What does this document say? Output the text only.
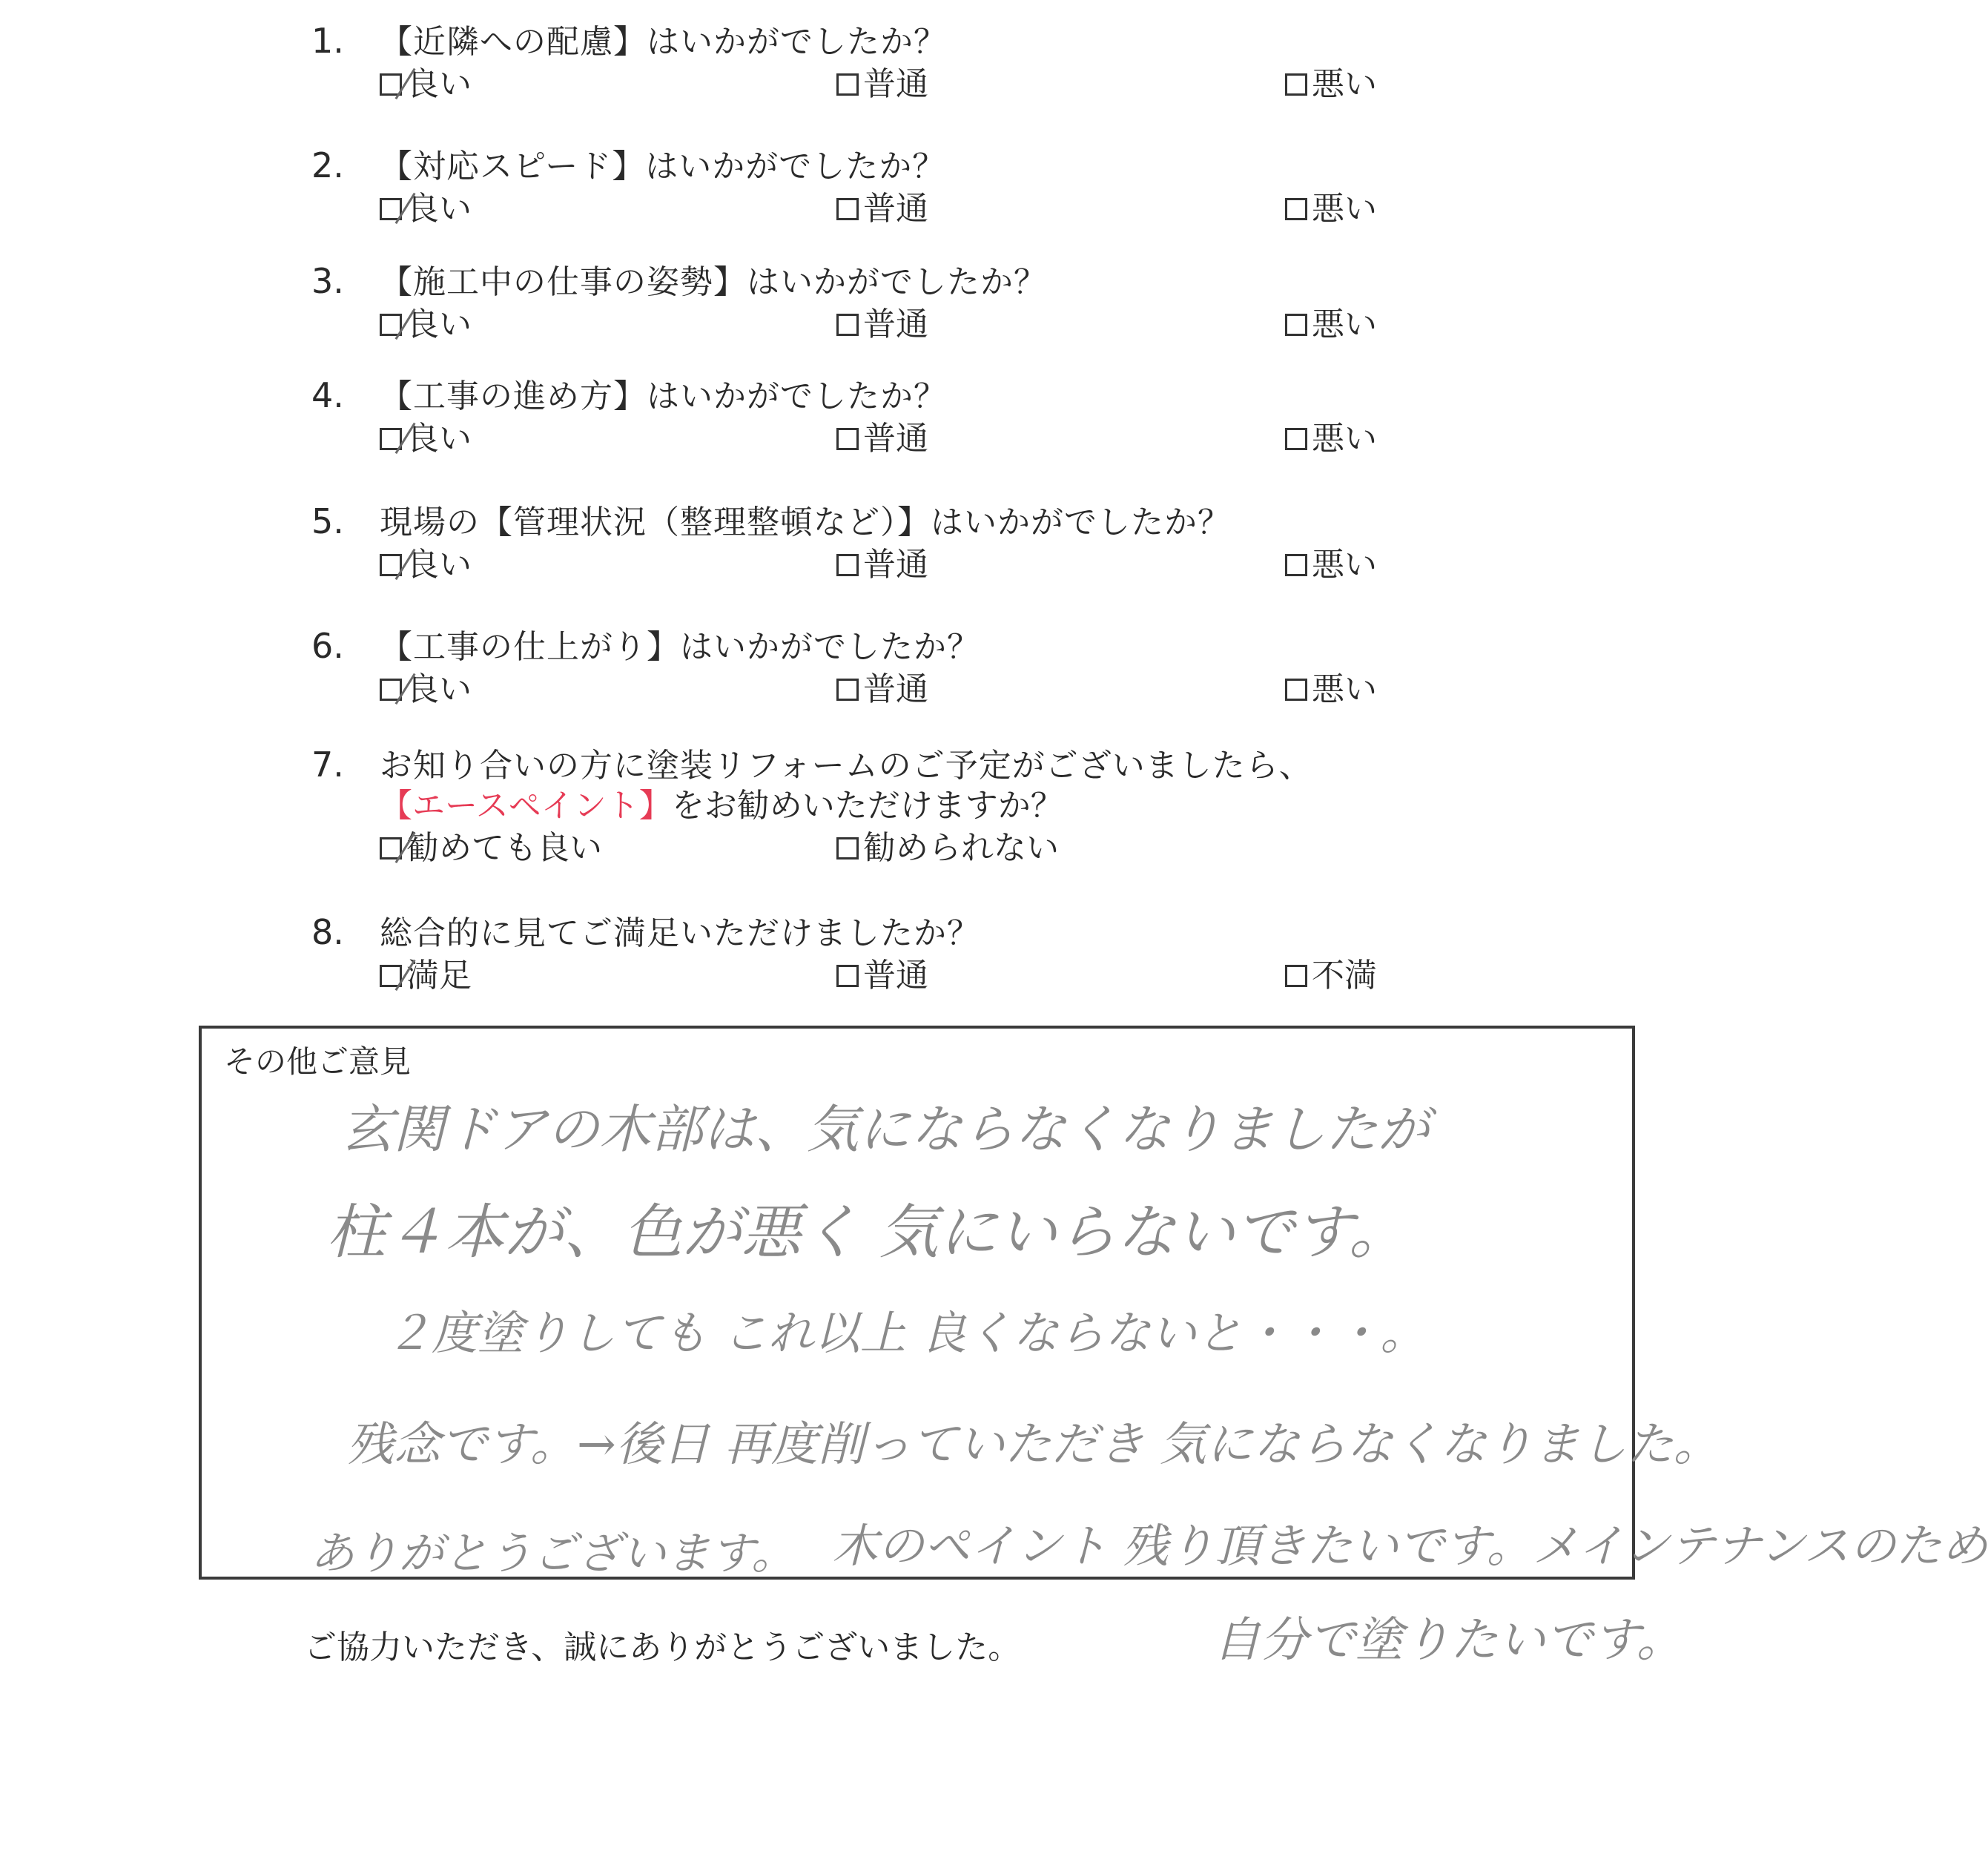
1.	【近隣への配慮】はいかがでしたか？
良い	普通	悪い
2.	【対応スピード】はいかがでしたか？
良い	普通	悪い
3.	【施工中の仕事の姿勢】はいかがでしたか？
良い	普通	悪い
4.	【工事の進め方】はいかがでしたか？
良い	普通	悪い
5.	現場の【管理状況（整理整頓など）】はいかがでしたか？
良い	普通	悪い
6.	【工事の仕上がり】はいかがでしたか？
良い	普通	悪い
7.	お知り合いの方に塗装リフォームのご予定がございましたら、
【エースペイント】 をお勧めいただけますか？
勧めても良い	勧められない
8.	総合的に見てご満足いただけましたか？
満足	普通	不満
その他ご意見
玄関ドアの木部は、気にならなくなりましたが
柱４本が、色が悪く 気にいらないです。
２度塗りしても これ以上 良くならないと・・・。
残念です。→後日 再度削っていただき 気にならなくなりました。
ありがとうございます。 木のペイント 残り頂きたいです。メインテナンスのため
自分で塗りたいです。
ご協力いただき、誠にありがとうございました。
